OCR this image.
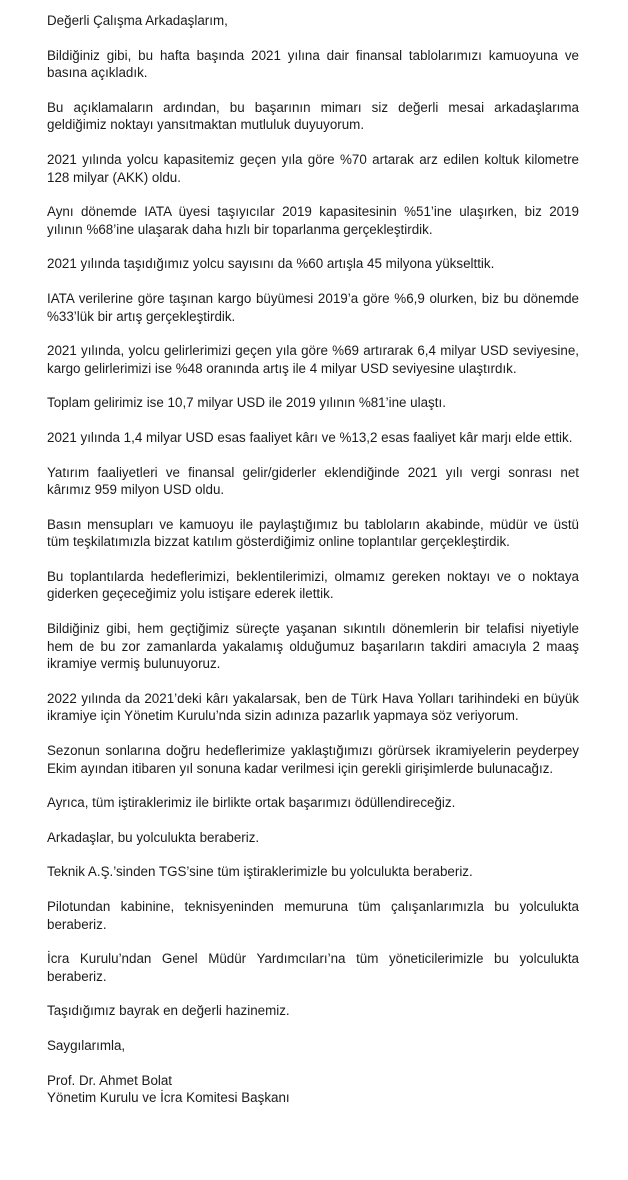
Değerli Çalışma Arkadaşlarım,

Bildiğiniz gibi, bu hafta başında 2021 yılına dair finansal tablolarımızı kamuoyuna ve basına açıkladık.

Bu açıklamaların ardından, bu başarının mimarı siz değerli mesai arkadaşlarıma geldiğimiz noktayı yansıtmaktan mutluluk duyuyorum.

2021 yılında yolcu kapasitemiz geçen yıla göre %70 artarak arz edilen koltuk kilometre 128 milyar (AKK) oldu.

Aynı dönemde IATA üyesi taşıyıcılar 2019 kapasitesinin %51’ine ulaşırken, biz 2019 yılının %68’ine ulaşarak daha hızlı bir toparlanma gerçekleştirdik.

2021 yılında taşıdığımız yolcu sayısını da %60 artışla 45 milyona yükselttik.

IATA verilerine göre taşınan kargo büyümesi 2019’a göre %6,9 olurken, biz bu dönemde %33’lük bir artış gerçekleştirdik.

2021 yılında, yolcu gelirlerimizi geçen yıla göre %69 artırarak 6,4 milyar USD seviyesine, kargo gelirlerimizi ise %48 oranında artış ile 4 milyar USD seviyesine ulaştırdık.

Toplam gelirimiz ise 10,7 milyar USD ile 2019 yılının %81’ine ulaştı.

2021 yılında 1,4 milyar USD esas faaliyet kârı ve %13,2 esas faaliyet kâr marjı elde ettik.

Yatırım faaliyetleri ve finansal gelir/giderler eklendiğinde 2021 yılı vergi sonrası net kârımız 959 milyon USD oldu.

Basın mensupları ve kamuoyu ile paylaştığımız bu tabloların akabinde, müdür ve üstü tüm teşkilatımızla bizzat katılım gösterdiğimiz online toplantılar gerçekleştirdik.

Bu toplantılarda hedeflerimizi, beklentilerimizi, olmamız gereken noktayı ve o noktaya giderken geçeceğimiz yolu istişare ederek ilettik.

Bildiğiniz gibi, hem geçtiğimiz süreçte yaşanan sıkıntılı dönemlerin bir telafisi niyetiyle hem de bu zor zamanlarda yakalamış olduğumuz başarıların takdiri amacıyla 2 maaş ikramiye vermiş bulunuyoruz.

2022 yılında da 2021’deki kârı yakalarsak, ben de Türk Hava Yolları tarihindeki en büyük ikramiye için Yönetim Kurulu’nda sizin adınıza pazarlık yapmaya söz veriyorum.

Sezonun sonlarına doğru hedeflerimize yaklaştığımızı görürsek ikramiyelerin peyderpey Ekim ayından itibaren yıl sonuna kadar verilmesi için gerekli girişimlerde bulunacağız.

Ayrıca, tüm iştiraklerimiz ile birlikte ortak başarımızı ödüllendireceğiz.

Arkadaşlar, bu yolculukta beraberiz.

Teknik A.Ş.’sinden TGS’sine tüm iştiraklerimizle bu yolculukta beraberiz.

Pilotundan kabinine, teknisyeninden memuruna tüm çalışanlarımızla bu yolculukta beraberiz.

İcra Kurulu’ndan Genel Müdür Yardımcıları’na tüm yöneticilerimizle bu yolculukta beraberiz.

Taşıdığımız bayrak en değerli hazinemiz.

Saygılarımla,

Prof. Dr. Ahmet Bolat
Yönetim Kurulu ve İcra Komitesi Başkanı
